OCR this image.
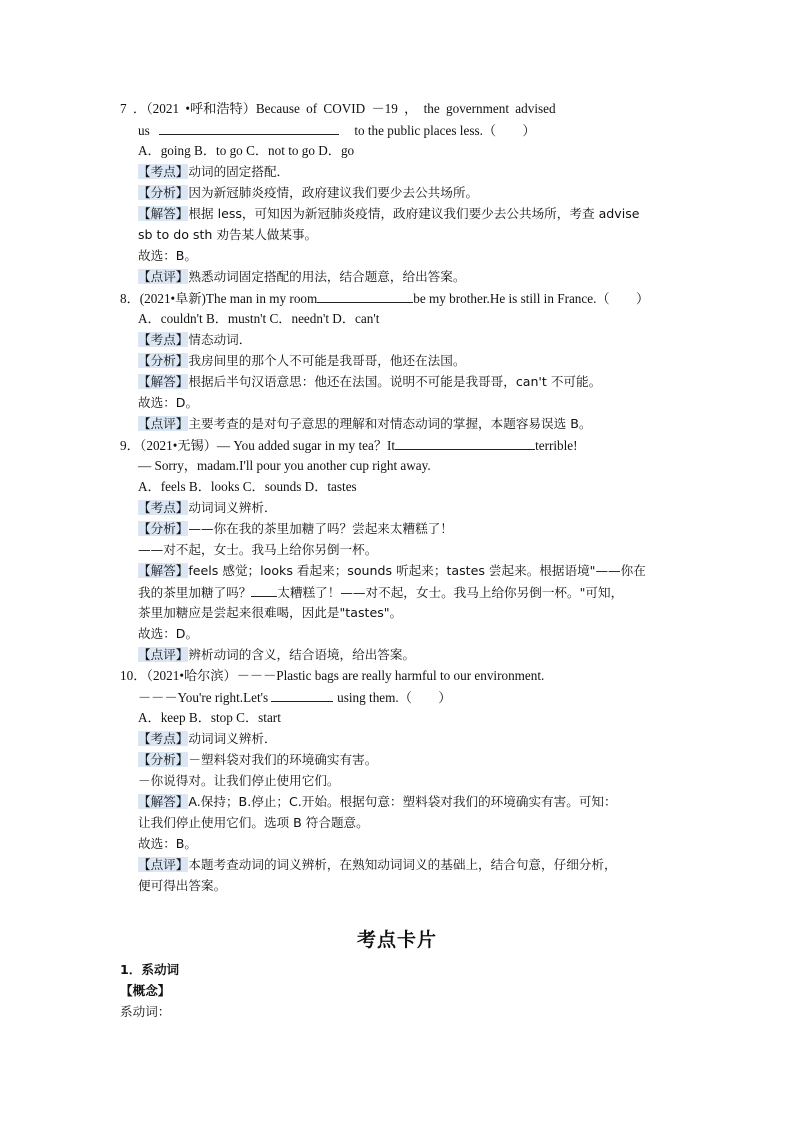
7 ．（2021 •呼和浩特）Because of COVID －19 ， the government advised
us	to the public places less.（　　）
A．going B．to go C．not to go D．go
【考点】动词的固定搭配．
【分析】因为新冠肺炎疫情，政府建议我们要少去公共场所。
【解答】根据 less，可知因为新冠肺炎疫情，政府建议我们要少去公共场所，考查 advise
sb to do sth 劝告某人做某事。
故选：B。
【点评】熟悉动词固定搭配的用法，结合题意，给出答案。
8．(2021•阜新)The man in my room	be my brother.He is still in France.（　　）
A．couldn't B．mustn't C．needn't D．can't
【考点】情态动词．
【分析】我房间里的那个人不可能是我哥哥，他还在法国。
【解答】根据后半句汉语意思：他还在法国。说明不可能是我哥哥，can't 不可能。
故选：D。
【点评】主要考查的是对句子意思的理解和对情态动词的掌握，本题容易误选 B。
9．（2021•无锡）— You added sugar in my tea？It	terrible!
— Sorry，madam.I'll pour you another cup right away.
A．feels B．looks C．sounds D．tastes
【考点】动词词义辨析．
【分析】——你在我的茶里加糖了吗？尝起来太糟糕了！
——对不起，女士。我马上给你另倒一杯。
【解答】feels 感觉；looks 看起来；sounds 听起来；tastes 尝起来。根据语境"——你在
我的茶里加糖了吗？ 太糟糕了！——对不起，女士。我马上给你另倒一杯。"可知，
茶里加糖应是尝起来很难喝，因此是"tastes"。
故选：D。
【点评】辨析动词的含义，结合语境，给出答案。
10．（2021•哈尔滨）－－－Plastic bags are really harmful to our environment.
－－－You're right.Let's	using them.（　　）
A．keep B．stop C．start
【考点】动词词义辨析．
【分析】－塑料袋对我们的环境确实有害。
－你说得对。让我们停止使用它们。
【解答】A.保持；B.停止；C.开始。根据句意：塑料袋对我们的环境确实有害。可知：
让我们停止使用它们。选项 B 符合题意。
故选：B。
【点评】本题考查动词的词义辨析，在熟知动词词义的基础上，结合句意，仔细分析，
便可得出答案。
考点卡片
1．系动词
【概念】
系动词：
